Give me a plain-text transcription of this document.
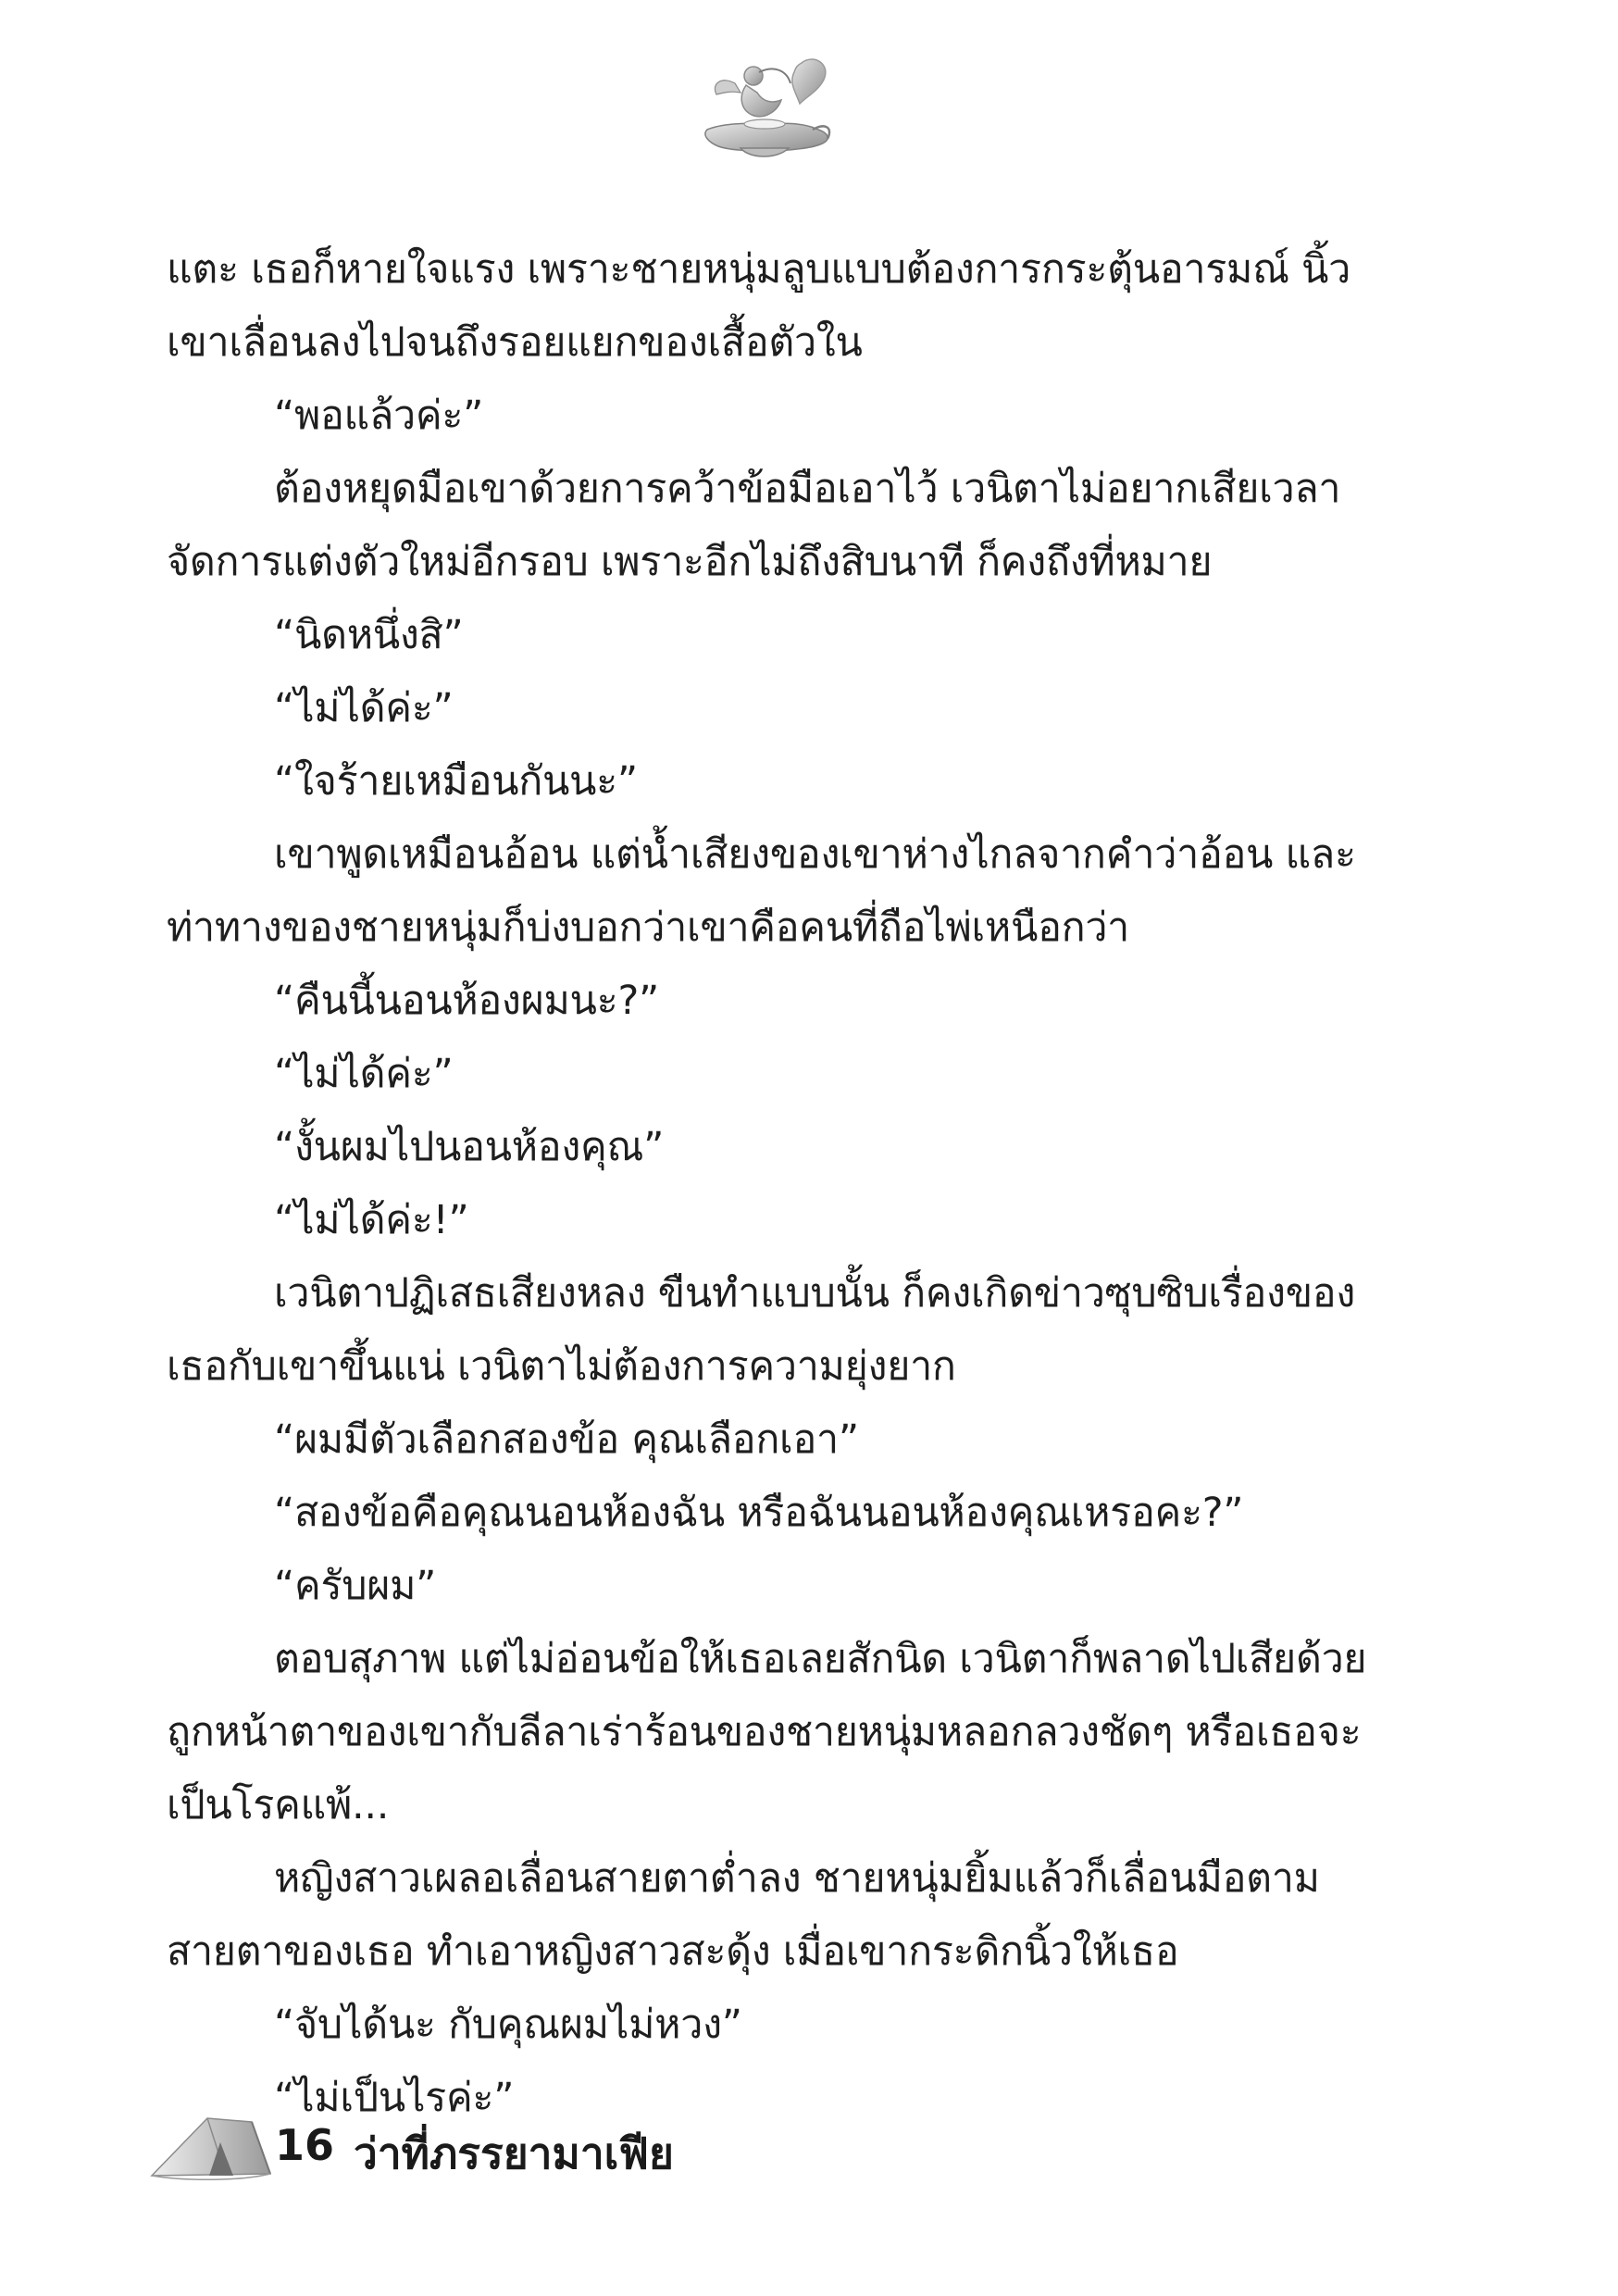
แตะ เธอก็หายใจแรง เพราะชายหนุ่มลูบแบบต้องการกระตุ้นอารมณ์ นิ้ว
เขาเลื่อนลงไปจนถึงรอยแยกของเสื้อตัวใน
“พอแล้วค่ะ”
ต้องหยุดมือเขาด้วยการคว้าข้อมือเอาไว้ เวนิตาไม่อยากเสียเวลา
จัดการแต่งตัวใหม่อีกรอบ เพราะอีกไม่ถึงสิบนาที ก็คงถึงที่หมาย
“นิดหนึ่งสิ”
“ไม่ได้ค่ะ”
“ใจร้ายเหมือนกันนะ”
เขาพูดเหมือนอ้อน แต่น้ำเสียงของเขาห่างไกลจากคำว่าอ้อน และ
ท่าทางของชายหนุ่มก็บ่งบอกว่าเขาคือคนที่ถือไพ่เหนือกว่า
“คืนนี้นอนห้องผมนะ?”
“ไม่ได้ค่ะ”
“งั้นผมไปนอนห้องคุณ”
“ไม่ได้ค่ะ!”
เวนิตาปฏิเสธเสียงหลง ขืนทำแบบนั้น ก็คงเกิดข่าวซุบซิบเรื่องของ
เธอกับเขาขึ้นแน่ เวนิตาไม่ต้องการความยุ่งยาก
“ผมมีตัวเลือกสองข้อ คุณเลือกเอา”
“สองข้อคือคุณนอนห้องฉัน หรือฉันนอนห้องคุณเหรอคะ?”
“ครับผม”
ตอบสุภาพ แต่ไม่อ่อนข้อให้เธอเลยสักนิด เวนิตาก็พลาดไปเสียด้วย
ถูกหน้าตาของเขากับลีลาเร่าร้อนของชายหนุ่มหลอกลวงชัดๆ หรือเธอจะ
เป็นโรคแพ้...
หญิงสาวเผลอเลื่อนสายตาต่ำลง ชายหนุ่มยิ้มแล้วก็เลื่อนมือตาม
สายตาของเธอ ทำเอาหญิงสาวสะดุ้ง เมื่อเขากระดิกนิ้วให้เธอ
“จับได้นะ กับคุณผมไม่หวง”
“ไม่เป็นไรค่ะ”
16 ว่าที่ภรรยามาเฟีย
